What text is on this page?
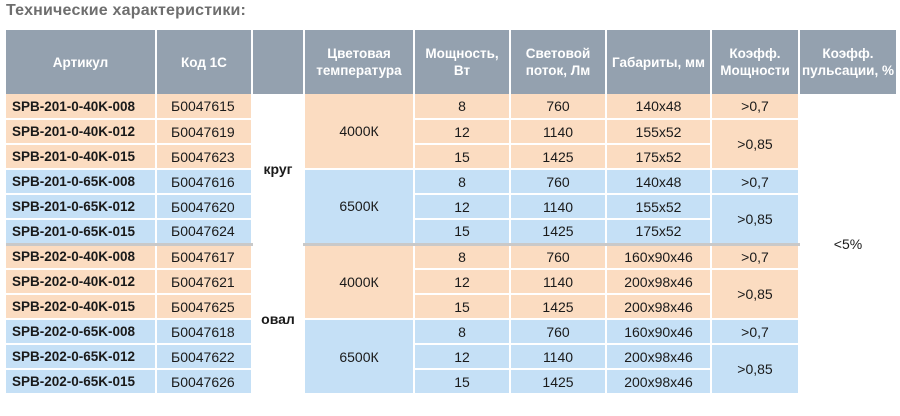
Технические характеристики:
Артикул	Код 1С		Цветовая температура	Мощность, Вт	Световой поток, Лм	Габариты, мм	Коэфф. Мощности	Коэфф. пульсации, %
SPB-201-0-40K-008	Б0047615	круг	4000К	8	760	140x48	>0,7	<5%
SPB-201-0-40K-012	Б0047619			12	1140	155x52	>0,85	
SPB-201-0-40K-015	Б0047623			15	1425	175x52		
SPB-201-0-65K-008	Б0047616		6500К	8	760	140x48	>0,7	
SPB-201-0-65K-012	Б0047620			12	1140	155x52	>0,85	
SPB-201-0-65K-015	Б0047624			15	1425	175x52		
SPB-202-0-40K-008	Б0047617	овал	4000К	8	760	160x90x46	>0,7	
SPB-202-0-40K-012	Б0047621			12	1140	200x98x46	>0,85	
SPB-202-0-40K-015	Б0047625			15	1425	200x98x46		
SPB-202-0-65K-008	Б0047618		6500К	8	760	160x90x46	>0,7	
SPB-202-0-65K-012	Б0047622			12	1140	200x98x46	>0,85	
SPB-202-0-65K-015	Б0047626			15	1425	200x98x46		
